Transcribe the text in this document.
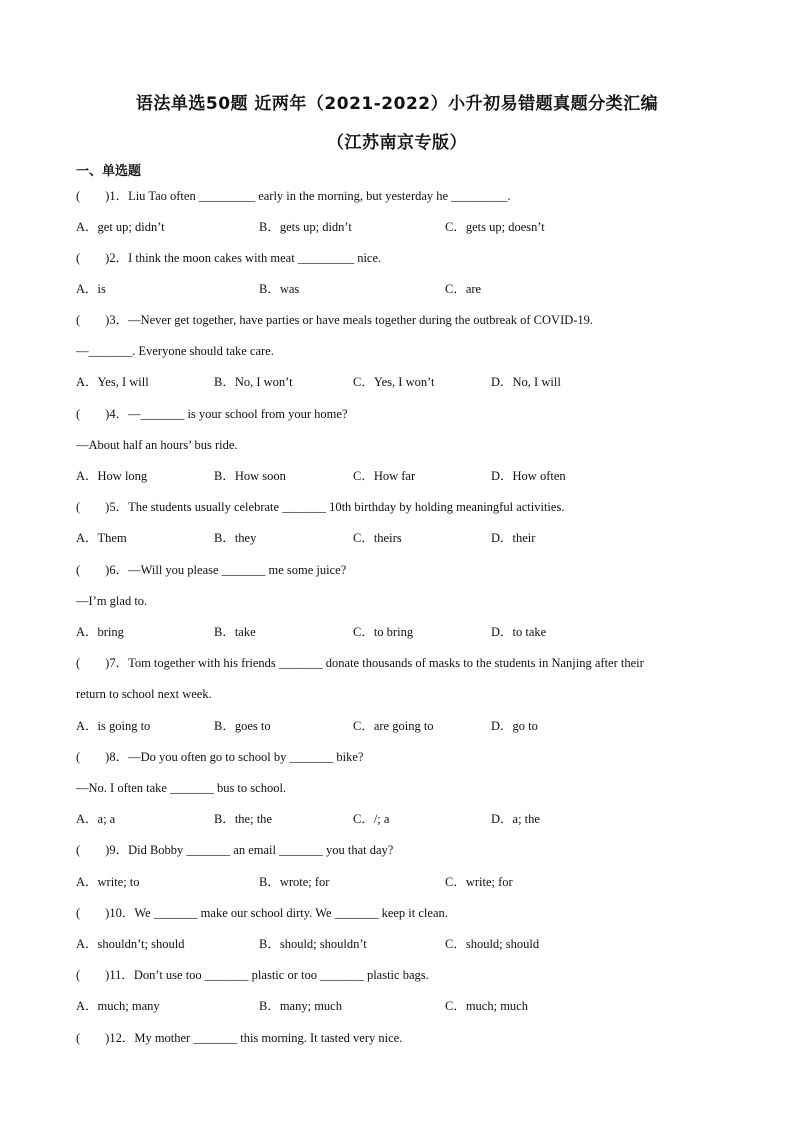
语法单选50题 近两年（2021-2022）小升初易错题真题分类汇编
（江苏南京专版）
一、单选题
(　　)1．Liu Tao often _________ early in the morning, but yesterday he _________.
A．get up; didn’t	B．gets up; didn’t	C．gets up; doesn’t
(　　)2．I think the moon cakes with meat _________ nice.
A．is	B．was	C．are
(　　)3．—Never get together, have parties or have meals together during the outbreak of COVID-19.
—_______. Everyone should take care.
A．Yes, I will	B．No, I won’t	C．Yes, I won’t	D．No, I will
(　　)4．—_______ is your school from your home?
—About half an hours’ bus ride.
A．How long	B．How soon	C．How far	D．How often
(　　)5．The students usually celebrate _______ 10th birthday by holding meaningful activities.
A．Them	B．they	C．theirs	D．their
(　　)6．—Will you please _______ me some juice?
—I’m glad to.
A．bring	B．take	C．to bring	D．to take
(　　)7．Tom together with his friends _______ donate thousands of masks to the students in Nanjing after their
return to school next week.
A．is going to	B．goes to	C．are going to	D．go to
(　　)8．—Do you often go to school by _______ bike?
—No. I often take _______ bus to school.
A．a; a	B．the; the	C．/; a	D．a; the
(　　)9．Did Bobby _______ an email _______ you that day?
A．write; to	B．wrote; for	C．write; for
(　　)10．We _______ make our school dirty. We _______ keep it clean.
A．shouldn’t; should	B．should; shouldn’t	C．should; should
(　　)11．Don’t use too _______ plastic or too _______ plastic bags.
A．much; many	B．many; much	C．much; much
(　　)12．My mother _______ this morning. It tasted very nice.
